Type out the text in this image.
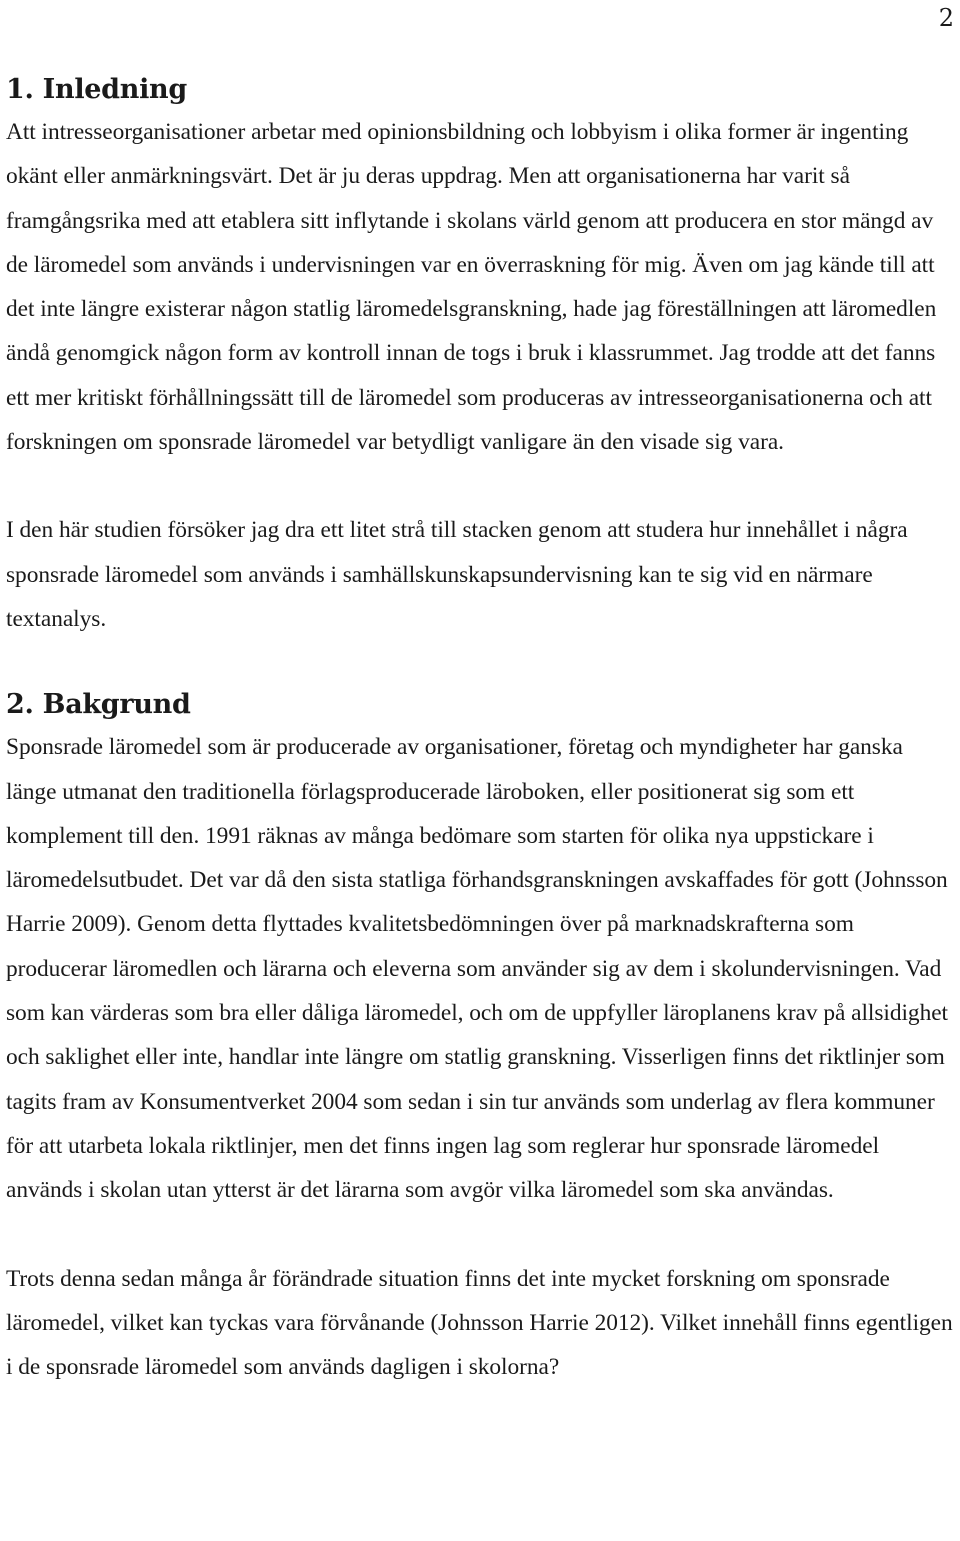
2
1. Inledning

Att intresseorganisationer arbetar med opinionsbildning och lobbyism i olika former är ingenting okänt eller anmärkningsvärt. Det är ju deras uppdrag. Men att organisationerna har varit så framgångsrika med att etablera sitt inflytande i skolans värld genom att producera en stor mängd av de läromedel som används i undervisningen var en överraskning för mig. Även om jag kände till att det inte längre existerar någon statlig läromedelsgranskning, hade jag föreställningen att läromedlen ändå genomgick någon form av kontroll innan de togs i bruk i klassrummet. Jag trodde att det fanns ett mer kritiskt förhållningssätt till de läromedel som produceras av intresseorganisationerna och att forskningen om sponsrade läromedel var betydligt vanligare än den visade sig vara.

I den här studien försöker jag dra ett litet strå till stacken genom att studera hur innehållet i några sponsrade läromedel som används i samhällskunskapsundervisning kan te sig vid en närmare textanalys.

2. Bakgrund

Sponsrade läromedel som är producerade av organisationer, företag och myndigheter har ganska länge utmanat den traditionella förlagsproducerade läroboken, eller positionerat sig som ett komplement till den. 1991 räknas av många bedömare som starten för olika nya uppstickare i läromedelsutbudet. Det var då den sista statliga förhandsgranskningen avskaffades för gott (Johnsson Harrie 2009). Genom detta flyttades kvalitetsbedömningen över på marknadskrafterna som producerar läromedlen och lärarna och eleverna som använder sig av dem i skolundervisningen. Vad som kan värderas som bra eller dåliga läromedel, och om de uppfyller läroplanens krav på allsidighet och saklighet eller inte, handlar inte längre om statlig granskning. Visserligen finns det riktlinjer som tagits fram av Konsumentverket 2004 som sedan i sin tur används som underlag av flera kommuner för att utarbeta lokala riktlinjer, men det finns ingen lag som reglerar hur sponsrade läromedel används i skolan utan ytterst är det lärarna som avgör vilka läromedel som ska användas.

Trots denna sedan många år förändrade situation finns det inte mycket forskning om sponsrade läromedel, vilket kan tyckas vara förvånande (Johnsson Harrie 2012). Vilket innehåll finns egentligen i de sponsrade läromedel som används dagligen i skolorna?
